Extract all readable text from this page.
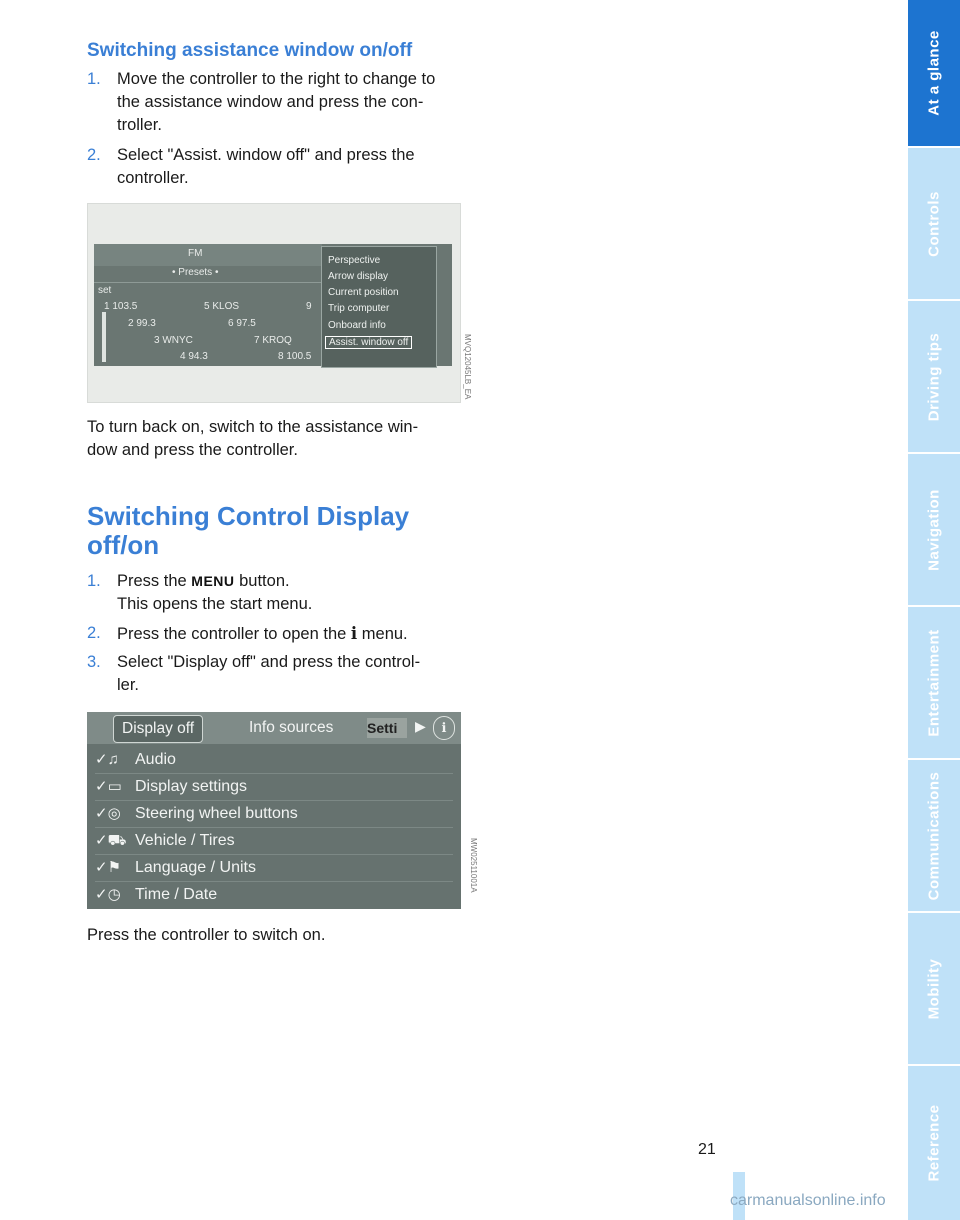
Switching assistance window on/off
1. Move the controller to the right to change to
the assistance window and press the con-
troller.
2. Select "Assist. window off" and press the
controller.
FM
• Presets •
set
1 103.5	5 KLOS	9
2 99.3	6 97.5
3 WNYC	7 KROQ
4 94.3	8 100.5
Perspective
Arrow display
Current position
Trip computer
Onboard info
Assist. window off	MVQ12045LB_EA
To turn back on, switch to the assistance win-
dow and press the controller.
Switching Control Display
off/on
1. Press the MENU button.
This opens the start menu.
2. Press the controller to open the i menu.
3. Select "Display off" and press the control-
ler.
Display off	Info sources	Setti	▶	ℹ
✓♫ Audio
✓▭ Display settings
✓◎ Steering wheel buttons
✓⛟ Vehicle / Tires
✓⚑ Language / Units
✓◷ Time / Date
MW02511001A
Press the controller to switch on.
At a glance
Controls
Driving tips
Navigation
Entertainment
Communications
Mobility
Reference
21
carmanualsonline.info
